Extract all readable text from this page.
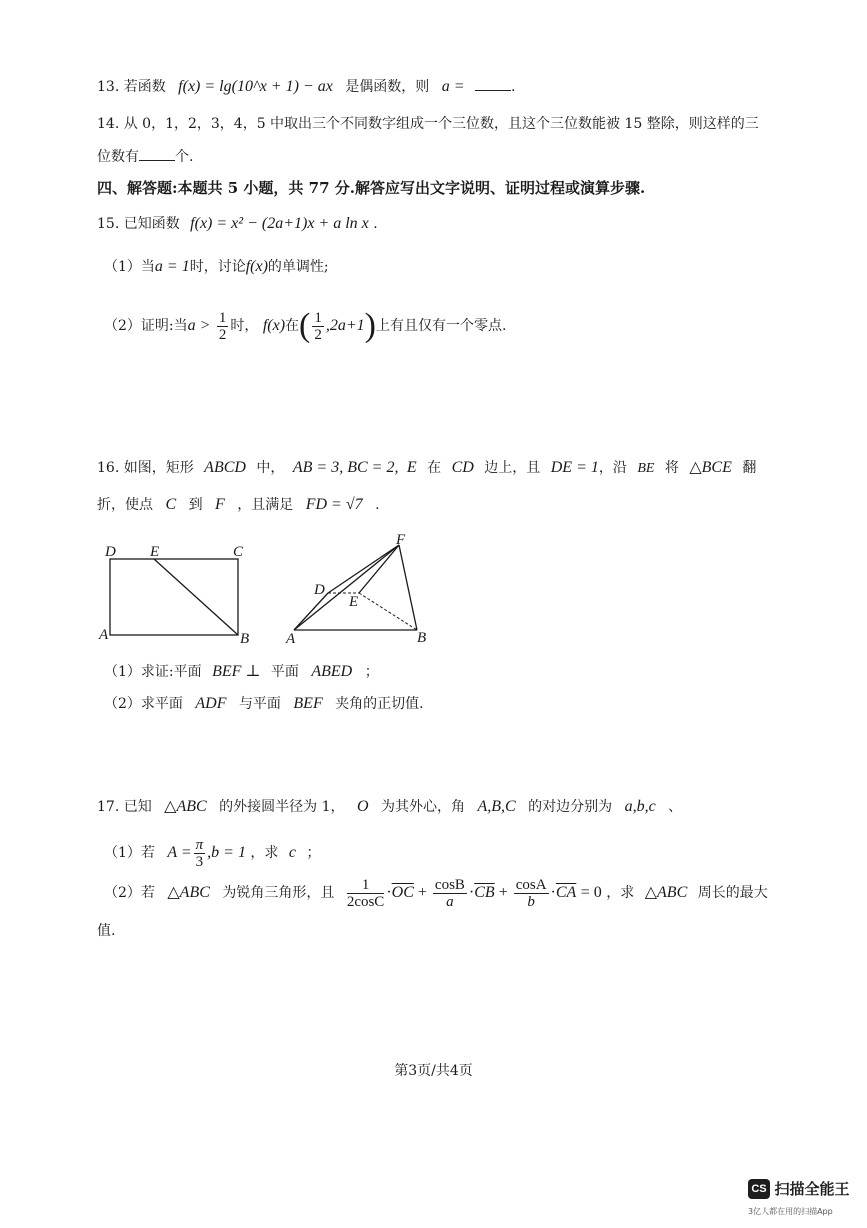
13. 若函数 f(x) = lg(10^x + 1) − ax 是偶函数，则 a =	.
14. 从 0，1，2，3，4，5 中取出三个不同数字组成一个三位数，且这个三位数能被 15 整除，则这样的三
位数有	个.
四、解答题:本题共 5 小题，共 77 分.解答应写出文字说明、证明过程或演算步骤.
15. 已知函数 f(x) = x² − (2a+1)x + a ln x .
（1）当a = 1时，讨论f(x)的单调性;
（2）证明:当$a > \frac{1}{2}$ 时， f(x)在( $\frac{1}{2} ,2a+1$)上有且仅有一个零点.
16. 如图，矩形 ABCD 中， AB = 3, BC = 2, E 在 CD 边上，且 DE = 1，沿 BE 将 △BCE 翻
折，使点 C 到 F ，且满足 FD = √7 .
D E	C
A	B
F
D
E
A	B
（1）求证:平面 BEF ⊥ 平面 ABED ；
（2）求平面 ADF 与平面 BEF 夹角的正切值.
17. 已知 △ABC 的外接圆半径为 1， O 为其外心，角 A,B,C 的对边分别为 a,b,c 、
（1）若 $A = \frac{\pi}{3} ,b = 1$ ，求 c ；
（2）若 △ABC 为锐角三角形，且 $\frac{1}{2\cos C} \cdot\overline{OC} + \frac{\cos B}{a} \cdot\overline{CB} + \frac{\cos A}{b} \cdot\overline{CA} = 0$ ，求 △ABC 周长的最大
值.
第3页/共4页
CS 扫描全能王
3亿人都在用的扫描App
